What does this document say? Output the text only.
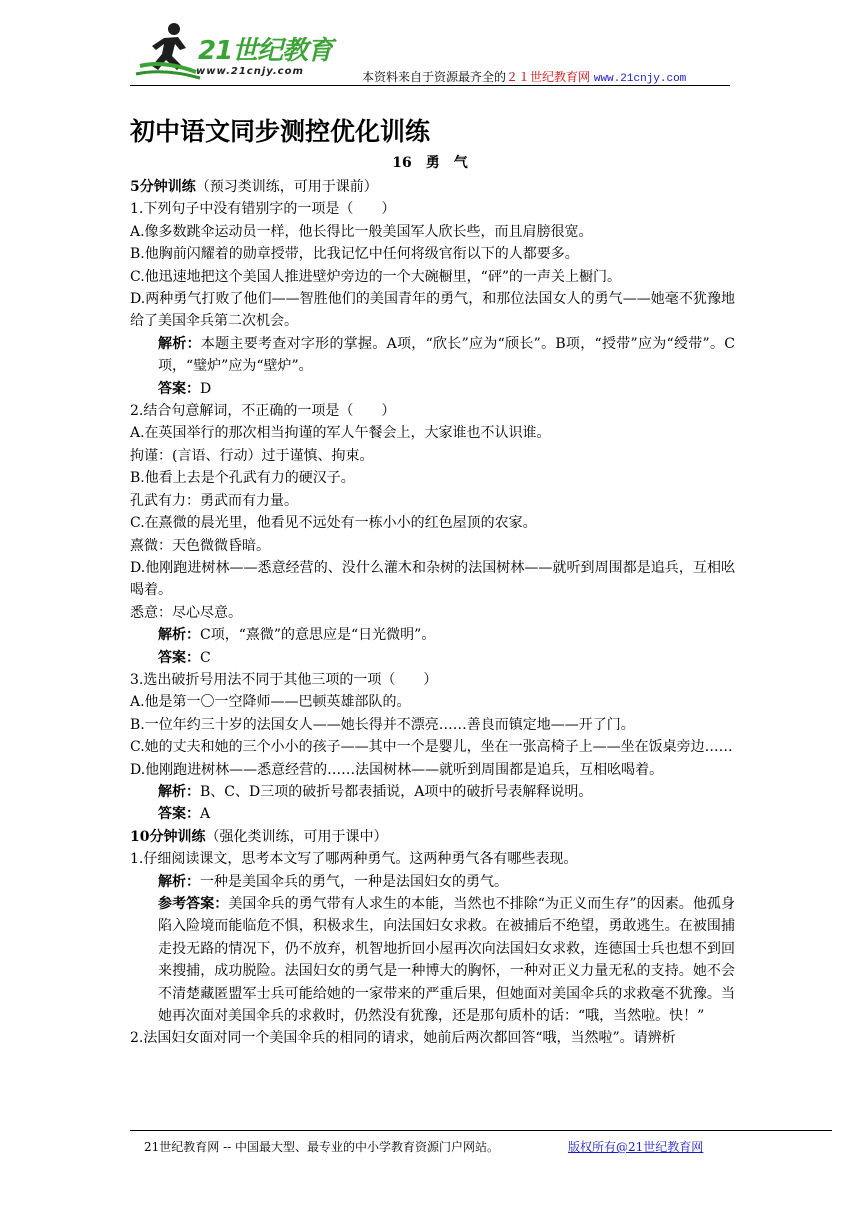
21世纪教育
www.21cnjy.com	本资料来自于资源最齐全的２１世纪教育网 www.21cnjy.com
初中语文同步测控优化训练
16　勇　气

5分钟训练（预习类训练，可用于课前）

1.下列句子中没有错别字的一项是（　　）

A.像多数跳伞运动员一样，他长得比一般美国军人欣长些，而且肩膀很宽。

B.他胸前闪耀着的勋章授带，比我记忆中任何将级官衔以下的人都要多。

C.他迅速地把这个美国人推进壁炉旁边的一个大碗橱里，“砰”的一声关上橱门。

D.两种勇气打败了他们——智胜他们的美国青年的勇气，和那位法国女人的勇气——她毫不犹豫地给了美国伞兵第二次机会。

解析：本题主要考查对字形的掌握。A项，“欣长”应为“颀长”。B项，“授带”应为“绶带”。C项，“璧炉”应为“壁炉”。

答案：D

2.结合句意解词，不正确的一项是（　　）

A.在英国举行的那次相当拘谨的军人午餐会上，大家谁也不认识谁。

拘谨：(言语、行动）过于谨慎、拘束。

B.他看上去是个孔武有力的硬汉子。

孔武有力：勇武而有力量。

C.在熹微的晨光里，他看见不远处有一栋小小的红色屋顶的农家。

熹微：天色微微昏暗。

D.他刚跑进树林——悉意经营的、没什么灌木和杂树的法国树林——就听到周围都是追兵，互相吆喝着。

悉意：尽心尽意。

解析：C项，“熹微”的意思应是“日光微明”。

答案：C

3.选出破折号用法不同于其他三项的一项（　　）

A.他是第一〇一空降师——巴顿英雄部队的。

B.一位年约三十岁的法国女人——她长得并不漂亮……善良而镇定地——开了门。

C.她的丈夫和她的三个小小的孩子——其中一个是婴儿，坐在一张高椅子上——坐在饭桌旁边……

D.他刚跑进树林——悉意经营的……法国树林——就听到周围都是追兵，互相吆喝着。

解析：B、C、D三项的破折号都表插说，A项中的破折号表解释说明。

答案：A

10分钟训练（强化类训练，可用于课中）

1.仔细阅读课文，思考本文写了哪两种勇气。这两种勇气各有哪些表现。

解析：一种是美国伞兵的勇气，一种是法国妇女的勇气。

参考答案：美国伞兵的勇气带有人求生的本能，当然也不排除“为正义而生存”的因素。他孤身陷入险境而能临危不惧，积极求生，向法国妇女求救。在被捕后不绝望，勇敢逃生。在被围捕走投无路的情况下，仍不放弃，机智地折回小屋再次向法国妇女求救，连德国士兵也想不到回来搜捕，成功脱险。法国妇女的勇气是一种博大的胸怀，一种对正义力量无私的支持。她不会不清楚藏匿盟军士兵可能给她的一家带来的严重后果，但她面对美国伞兵的求救毫不犹豫。当她再次面对美国伞兵的求救时，仍然没有犹豫，还是那句质朴的话：“哦，当然啦。快！”

2.法国妇女面对同一个美国伞兵的相同的请求，她前后两次都回答“哦，当然啦”。请辨析

21世纪教育网 -- 中国最大型、最专业的中小学教育资源门户网站。	版权所有@21世纪教育网
